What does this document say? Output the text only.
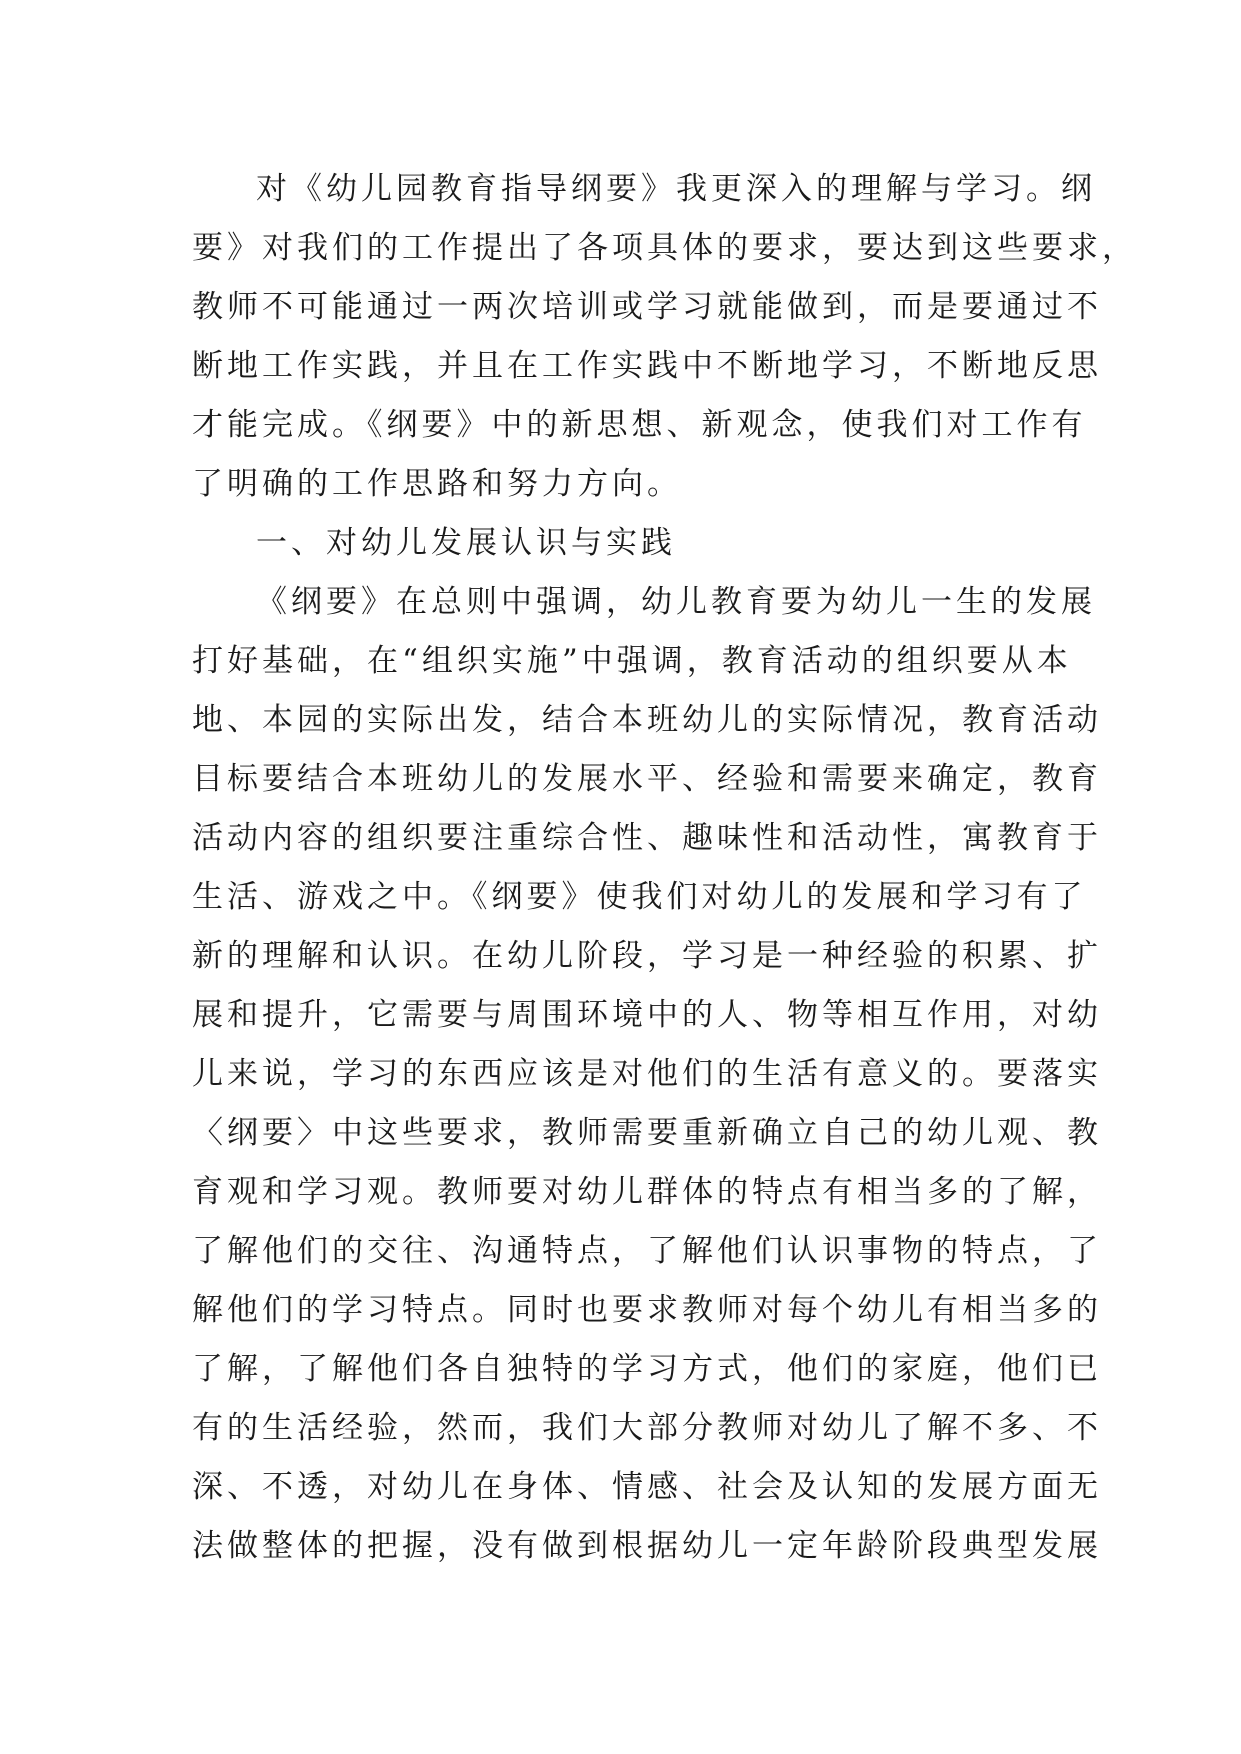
对《幼儿园教育指导纲要》我更深入的理解与学习。纲
要》对我们的工作提出了各项具体的要求，要达到这些要求，
教师不可能通过一两次培训或学习就能做到，而是要通过不
断地工作实践，并且在工作实践中不断地学习，不断地反思
才能完成。《纲要》中的新思想、新观念，使我们对工作有
了明确的工作思路和努力方向。
一、对幼儿发展认识与实践
《纲要》在总则中强调，幼儿教育要为幼儿一生的发展
打好基础，在“组织实施”中强调，教育活动的组织要从本
地、本园的实际出发，结合本班幼儿的实际情况，教育活动
目标要结合本班幼儿的发展水平、经验和需要来确定，教育
活动内容的组织要注重综合性、趣味性和活动性，寓教育于
生活、游戏之中。《纲要》使我们对幼儿的发展和学习有了
新的理解和认识。在幼儿阶段，学习是一种经验的积累、扩
展和提升，它需要与周围环境中的人、物等相互作用，对幼
儿来说，学习的东西应该是对他们的生活有意义的。要落实
〈纲要〉中这些要求，教师需要重新确立自己的幼儿观、教
育观和学习观。教师要对幼儿群体的特点有相当多的了解，
了解他们的交往、沟通特点，了解他们认识事物的特点，了
解他们的学习特点。同时也要求教师对每个幼儿有相当多的
了解，了解他们各自独特的学习方式，他们的家庭，他们已
有的生活经验，然而，我们大部分教师对幼儿了解不多、不
深、不透，对幼儿在身体、情感、社会及认知的发展方面无
法做整体的把握，没有做到根据幼儿一定年龄阶段典型发展
